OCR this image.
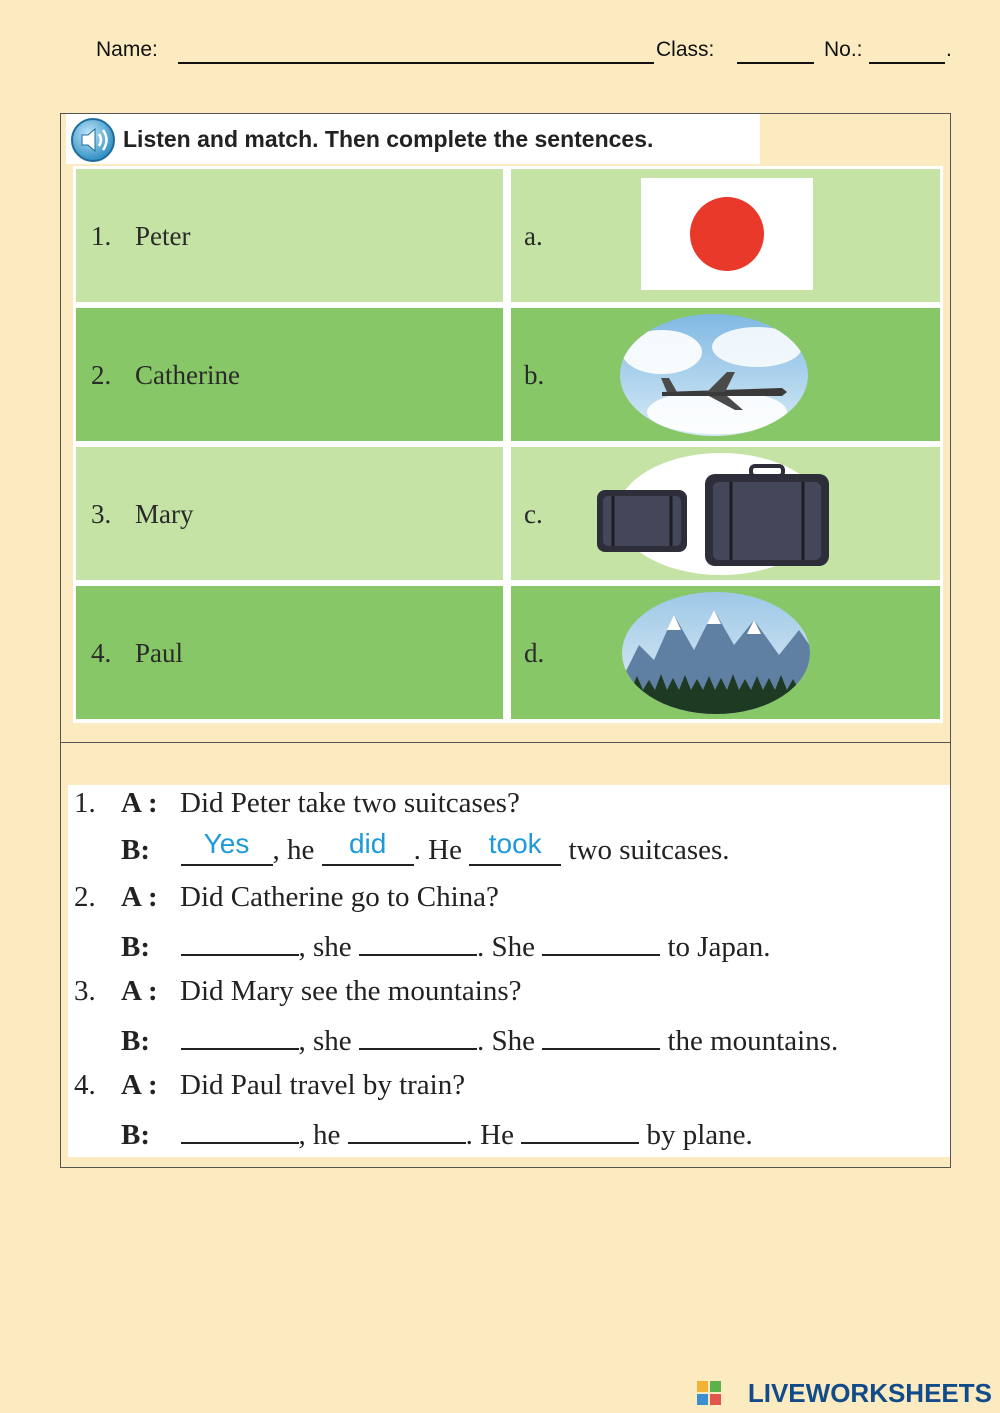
Name:	Class:	No.:	.
Listen and match. Then complete the sentences.
1. Peter	a.
2. Catherine	b.
3. Mary	c.
4. Paul	d.
1. A : Did Peter take two suitcases?
B: Yes , he did . He took two suitcases.
2. A : Did Catherine go to China?
B:	, she	. She	to Japan.
3. A : Did Mary see the mountains?
B:	, she	. She	the mountains.
4. A : Did Paul travel by train?
B:	, he	. He	by plane.
LIVEWORKSHEETS
